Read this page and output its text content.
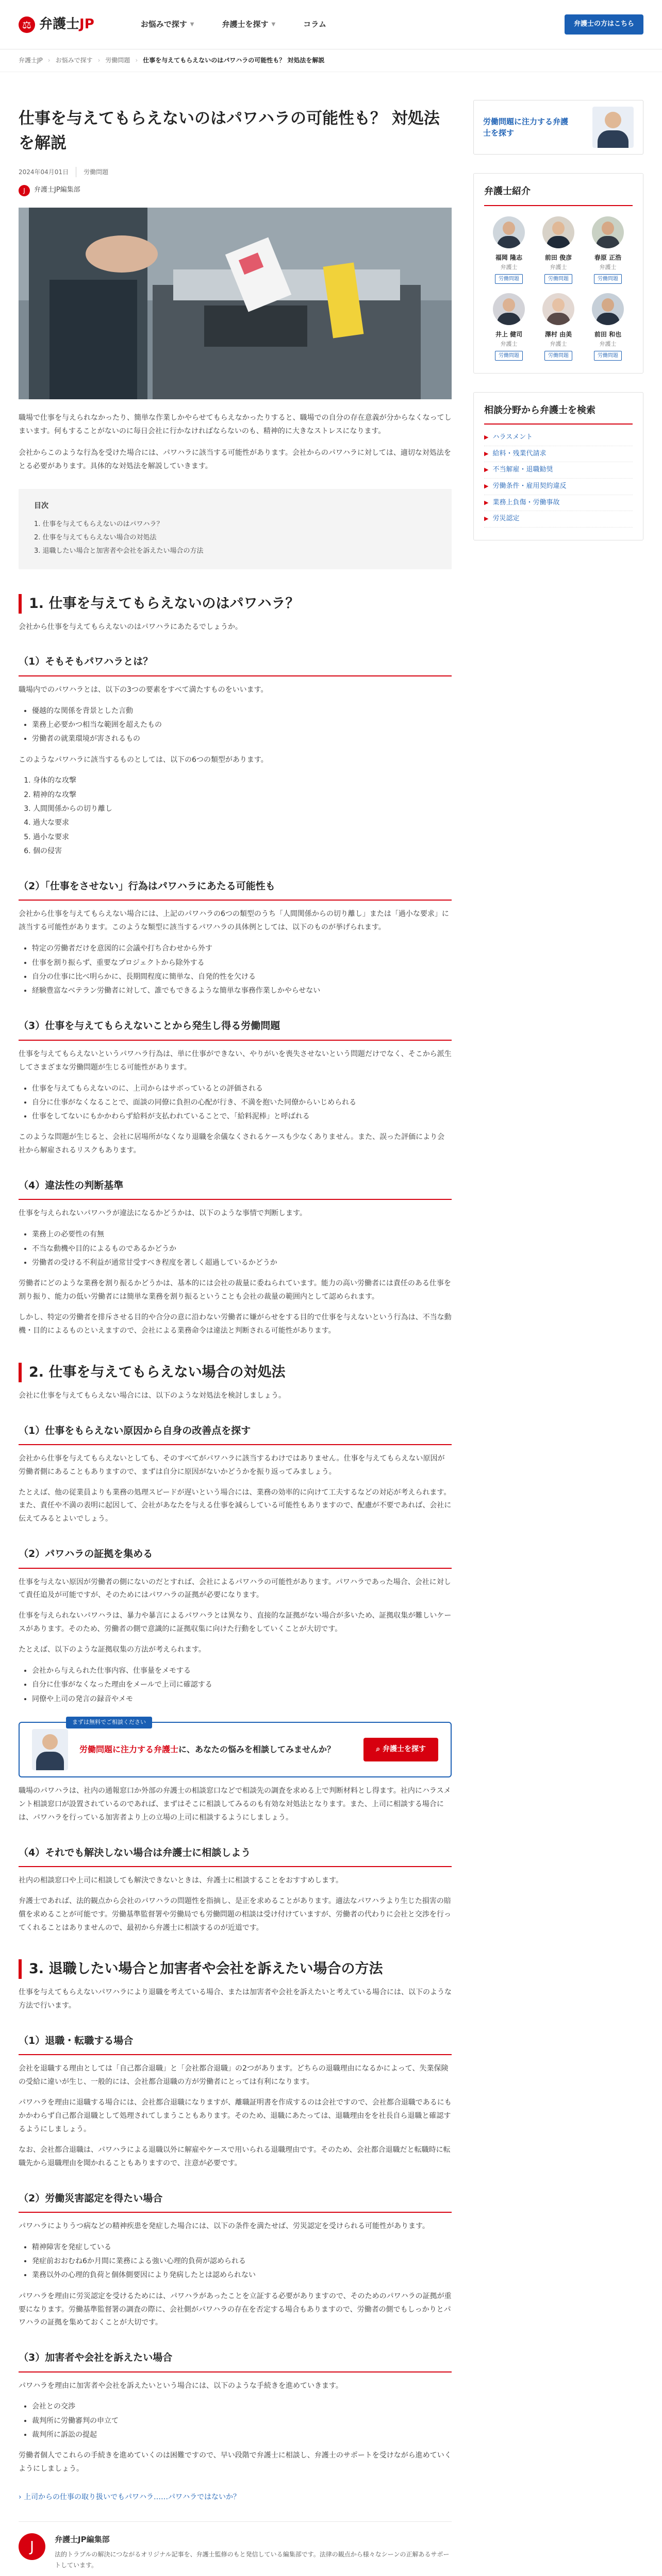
⚖ 弁護士JP	お悩みで探す ▼	弁護士を探す ▼	コラム	弁護士の方はこちら
弁護士JP › お悩みで探す › 労働問題 › 仕事を与えてもらえないのはパワハラの可能性も？ 対処法を解説
仕事を与えてもらえないのはパワハラの可能性も？ 対処法を解説
2024年04月01日	労働問題
J	弁護士JP編集部

職場で仕事を与えられなかったり、簡単な作業しかやらせてもらえなかったりすると、職場での自分の存在意義が分からなくなってしまいます。何もすることがないのに毎日会社に行かなければならないのも、精神的に大きなストレスになります。

会社からこのような行為を受けた場合には、パワハラに該当する可能性があります。会社からのパワハラに対しては、適切な対処法をとる必要があります。具体的な対処法を解説していきます。

目次
1. 仕事を与えてもらえないのはパワハラ？
2. 仕事を与えてもらえない場合の対処法
3. 退職したい場合と加害者や会社を訴えたい場合の方法
1. 仕事を与えてもらえないのはパワハラ？

会社から仕事を与えてもらえないのはパワハラにあたるでしょうか。

（1）そもそもパワハラとは？

職場内でのパワハラとは、以下の3つの要素をすべて満たすものをいいます。

• 優越的な関係を背景とした言動
• 業務上必要かつ相当な範囲を超えたもの
• 労働者の就業環境が害されるもの

このようなパワハラに該当するものとしては、以下の6つの類型があります。

1. 身体的な攻撃
2. 精神的な攻撃
3. 人間関係からの切り離し
4. 過大な要求
5. 過小な要求
6. 個の侵害
（2）「仕事をさせない」行為はパワハラにあたる可能性も

会社から仕事を与えてもらえない場合には、上記のパワハラの6つの類型のうち「人間関係からの切り離し」または「過小な要求」に該当する可能性があります。このような類型に該当するパワハラの具体例としては、以下のものが挙げられます。

• 特定の労働者だけを意図的に会議や打ち合わせから外す
• 仕事を割り振らず、重要なプロジェクトから除外する
• 自分の仕事に比べ明らかに、長期間程度に簡単な、自発的性を欠ける
• 経験豊富なベテラン労働者に対して、誰でもできるような簡単な事務作業しかやらせない
（3）仕事を与えてもらえないことから発生し得る労働問題

仕事を与えてもらえないというパワハラ行為は、単に仕事ができない、やりがいを喪失させないという問題だけでなく、そこから派生してさまざまな労働問題が生じる可能性があります。

• 仕事を与えてもらえないのに、上司からはサボっているとの評価される
• 自分に仕事がなくなることで、面談の同僚に負担の心配が行き、不満を抱いた同僚からいじめられる
• 仕事をしてないにもかかわらず給料が支払われていることで、「給料泥棒」と呼ばれる

このような問題が生じると、会社に居場所がなくなり退職を余儀なくされるケースも少なくありません。また、誤った評価により会社から解雇されるリスクもあります。

（4）違法性の判断基準

仕事を与えられないパワハラが違法になるかどうかは、以下のような事情で判断します。

• 業務上の必要性の有無
• 不当な動機や目的によるものであるかどうか
• 労働者の受ける不利益が通常甘受すべき程度を著しく超過しているかどうか

労働者にどのような業務を割り振るかどうかは、基本的には会社の裁量に委ねられています。能力の高い労働者には責任のある仕事を割り振り、能力の低い労働者には簡単な業務を割り振るということも会社の裁量の範囲内として認められます。

しかし、特定の労働者を排斥させる目的や合分の意に沿わない労働者に嫌がらせをする目的で仕事を与えないという行為は、不当な動機・目的によるものといえますので、会社による業務命令は違法と判断される可能性があります。

2. 仕事を与えてもらえない場合の対処法

会社に仕事を与えてもらえない場合には、以下のような対処法を検討しましょう。

（1）仕事をもらえない原因から自身の改善点を探す

会社から仕事を与えてもらえないとしても、そのすべてがパワハラに該当するわけではありません。仕事を与えてもらえない原因が労働者側にあることもありますので、まずは自分に原因がないかどうかを振り返ってみましょう。

たとえば、他の従業員よりも業務の処理スピードが遅いという場合には、業務の効率的に向けて工夫するなどの対応が考えられます。また、責任や不満の表明に起因して、会社があなたを与える仕事を減らしている可能性もありますので、配慮が不要であれば、会社に伝えてみるとよいでしょう。

（2）パワハラの証拠を集める

仕事を与えない原因が労働者の側にないのだとすれば、会社によるパワハラの可能性があります。パワハラであった場合、会社に対して責任追及が可能ですが、そのためにはパワハラの証拠が必要になります。

仕事を与えられないパワハラは、暴力や暴言によるパワハラとは異なり、直接的な証拠がない場合が多いため、証拠収集が難しいケースがあります。そのため、労働者の側で意識的に証拠収集に向けた行動をしていくことが大切です。

たとえば、以下のような証拠収集の方法が考えられます。

• 会社から与えられた仕事内容、仕事量をメモする
• 自分に仕事がなくなった理由をメールで上司に確認する
• 同僚や上司の発言の録音やメモ
まずは無料でご相談ください
労働問題に注力する弁護士に、あなたの悩みを相談してみませんか？	⌕ 弁護士を探す

職場のパワハラは、社内の通報窓口か外部の弁護士の相談窓口などで相談先の調査を求める上で判断材料とし得ます。社内にハラスメント相談窓口が設置されているのであれば、まずはそこに相談してみるのも有効な対処法となります。また、上司に相談する場合には、パワハラを行っている加害者より上の立場の上司に相談するようにしましょう。

（4）それでも解決しない場合は弁護士に相談しよう

社内の相談窓口や上司に相談しても解決できないときは、弁護士に相談することをおすすめします。

弁護士であれば、法的観点から会社のパワハラの問題性を指摘し、是正を求めることがあります。適法なパワハラより生じた損害の賠償を求めることが可能です。労働基準監督署や労働局でも労働問題の相談は受け付けていますが、労働者の代わりに会社と交渉を行ってくれることはありませんので、最初から弁護士に相談するのが近道です。

3. 退職したい場合と加害者や会社を訴えたい場合の方法

仕事を与えてもらえないパワハラにより退職を考えている場合、または加害者や会社を訴えたいと考えている場合には、以下のような方法で行います。

（1）退職・転職する場合

会社を退職する理由としては「自己都合退職」と「会社都合退職」の2つがあります。どちらの退職理由になるかによって、失業保険の受給に違いが生じ、一般的には、会社都合退職の方が労働者にとっては有利になります。

パワハラを理由に退職する場合には、会社都合退職になりますが、離職証明書を作成するのは会社ですので、会社都合退職であるにもかかわらず自己都合退職として処理されてしまうこともあります。そのため、退職にあたっては、退職理由をを社長自ら退職と確認するようにしましょう。

なお、会社都合退職は、パワハラによる退職以外に解雇やケースで用いられる退職理由です。そのため、会社都合退職だと転職時に転職先から退職理由を聞かれることもありますので、注意が必要です。

（2）労働災害認定を得たい場合

パワハラによりうつ病などの精神疾患を発症した場合には、以下の条件を満たせば、労災認定を受けられる可能性があります。

• 精神障害を発症している
• 発症前おおむね6か月間に業務による強い心理的負荷が認められる
• 業務以外の心理的負荷と個体側要因により発病したとは認められない

パワハラを理由に労災認定を受けるためには、パワハラがあったことを立証する必要がありますので、そのためのパワハラの証拠が重要になります。労働基準監督署の調査の際に、会社側がパワハラの存在を否定する場合もありますので、労働者の側でもしっかりとパワハラの証拠を集めておくことが大切です。

（3）加害者や会社を訴えたい場合

パワハラを理由に加害者や会社を訴えたいという場合には、以下のような手続きを進めていきます。

• 会社との交渉
• 裁判所に労働審判の申立て
• 裁判所に訴訟の提起

労働者個人でこれらの手続きを進めていくのは困難ですので、早い段階で弁護士に相談し、弁護士のサポートを受けながら進めていくようにしましょう。

› 上司からの仕事の取り扱いでもパワハラ……パワハラではないか？
J	弁護士JP編集部
法的トラブルの解決につながるオリジナル記事を、弁護士監修のもと発信している編集部です。法律の観点から様々なシーンの正解あるサポートしています。

労働問題に注力する弁護士を探す
弁護士紹介
福岡 隆志
弁護士
労働問題
前田 俊彦
弁護士
労働問題
春原 正浩
弁護士
労働問題
井上 健司
弁護士
労働問題
澤村 由美
弁護士
労働問題
前田 和也
弁護士
労働問題
相談分野から弁護士を検索
▶ ハラスメント
▶ 給料・残業代請求
▶ 不当解雇・退職勧奨
▶ 労働条件・雇用契約違反
▶ 業務上負傷・労働事故
▶ 労災認定
